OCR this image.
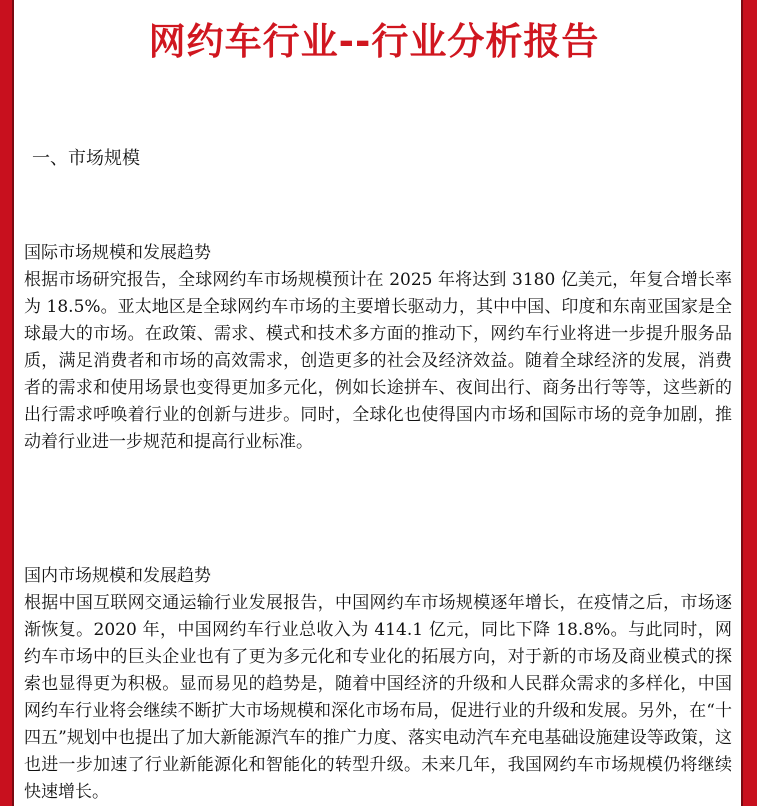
网约车行业--行业分析报告
一、市场规模
国际市场规模和发展趋势
根据市场研究报告，全球网约车市场规模预计在 2025 年将达到 3180 亿美元，年复合增长率为 18.5%。亚太地区是全球网约车市场的主要增长驱动力，其中中国、印度和东南亚国家是全球最大的市场。在政策、需求、模式和技术多方面的推动下，网约车行业将进一步提升服务品质，满足消费者和市场的高效需求，创造更多的社会及经济效益。随着全球经济的发展，消费者的需求和使用场景也变得更加多元化，例如长途拼车、夜间出行、商务出行等等，这些新的出行需求呼唤着行业的创新与进步。同时，全球化也使得国内市场和国际市场的竞争加剧，推动着行业进一步规范和提高行业标准。
国内市场规模和发展趋势
根据中国互联网交通运输行业发展报告，中国网约车市场规模逐年增长，在疫情之后，市场逐渐恢复。2020 年，中国网约车行业总收入为 414.1 亿元，同比下降 18.8%。与此同时，网约车市场中的巨头企业也有了更为多元化和专业化的拓展方向，对于新的市场及商业模式的探索也显得更为积极。显而易见的趋势是，随着中国经济的升级和人民群众需求的多样化，中国网约车行业将会继续不断扩大市场规模和深化市场布局，促进行业的升级和发展。另外，在“十四五”规划中也提出了加大新能源汽车的推广力度、落实电动汽车充电基础设施建设等政策，这也进一步加速了行业新能源化和智能化的转型升级。未来几年，我国网约车市场规模仍将继续快速增长。
